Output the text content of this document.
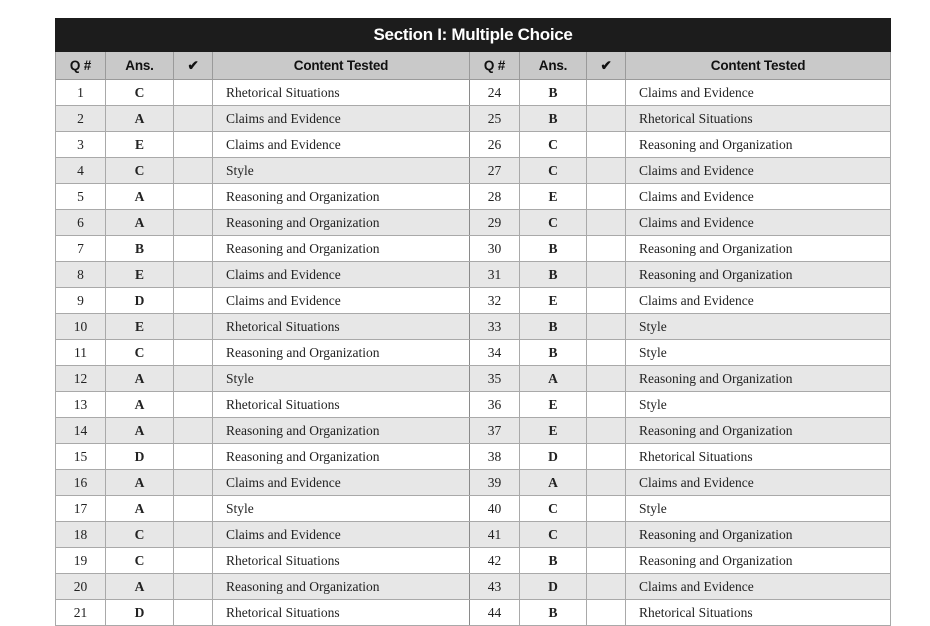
Section I: Multiple Choice							
Q #	Ans.	✔	Content Tested	Q #	Ans.	✔	Content Tested
1	C		Rhetorical Situations	24	B		Claims and Evidence
2	A		Claims and Evidence	25	B		Rhetorical Situations
3	E		Claims and Evidence	26	C		Reasoning and Organization
4	C		Style	27	C		Claims and Evidence
5	A		Reasoning and Organization	28	E		Claims and Evidence
6	A		Reasoning and Organization	29	C		Claims and Evidence
7	B		Reasoning and Organization	30	B		Reasoning and Organization
8	E		Claims and Evidence	31	B		Reasoning and Organization
9	D		Claims and Evidence	32	E		Claims and Evidence
10	E		Rhetorical Situations	33	B		Style
11	C		Reasoning and Organization	34	B		Style
12	A		Style	35	A		Reasoning and Organization
13	A		Rhetorical Situations	36	E		Style
14	A		Reasoning and Organization	37	E		Reasoning and Organization
15	D		Reasoning and Organization	38	D		Rhetorical Situations
16	A		Claims and Evidence	39	A		Claims and Evidence
17	A		Style	40	C		Style
18	C		Claims and Evidence	41	C		Reasoning and Organization
19	C		Rhetorical Situations	42	B		Reasoning and Organization
20	A		Reasoning and Organization	43	D		Claims and Evidence
21	D		Rhetorical Situations	44	B		Rhetorical Situations
